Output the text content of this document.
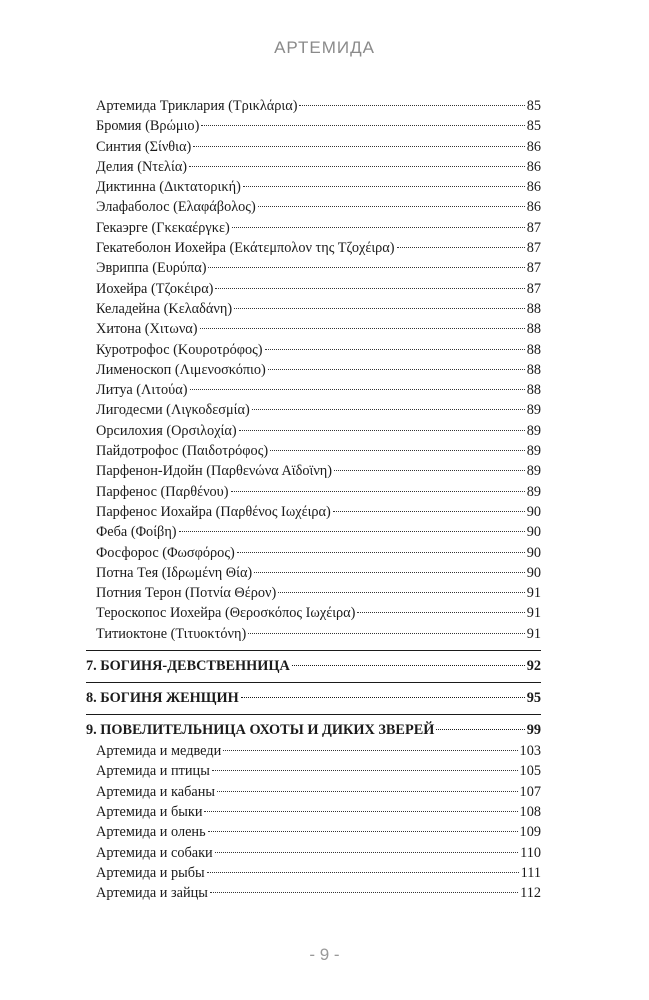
АРТЕМИДА
Артемида Триклария (Τρικλάρια)	85
Бромия (Βρώμιο)	85
Синтия (Σίνθια)	86
Делия (Ντελία)	86
Диктинна (Δικτατορική)	86
Элафаболос (Ελαφάβολος)	86
Гекаэрге (Γκεκαέργκε)	87
Гекатеболон Иохейра (Εκάτεμπολον της Τζοχέιρα)	87
Эвриппа (Ευρύπα)	87
Иохейра (Τζοκέιρα)	87
Келадейна (Κελαδάνη)	88
Хитона (Χιτωνα)	88
Куротрофос (Κουροτρόφος)	88
Лименоскоп (Λιμενοσκόπιο)	88
Литуа (Λιτούα)	88
Лигодесми (Λιγκοδεσμία)	89
Орсилохия (Ορσιλοχία)	89
Пайдотрофос (Παιδοτρόφος)	89
Парфенон-Идойн (Παρθενώνα Αϊδοϊνη)	89
Парфенос (Παρθένου)	89
Парфенос Иохайра (Παρθένος Ιωχέιρα)	90
Феба (Φοίβη)	90
Фосфорос (Φωσφόρος)	90
Потна Тея (Ιδρωμένη Θία)	90
Потния Терон (Ποτνία Θέρον)	91
Тероскопос Иохейра (Θεροσκόπος Ιωχέιρα)	91
Титиоктоне (Τιτυοκτόνη)	91
7. БОГИНЯ-ДЕВСТВЕННИЦА	92
8. БОГИНЯ ЖЕНЩИН	95
9. ПОВЕЛИТЕЛЬНИЦА ОХОТЫ И ДИКИХ ЗВЕРЕЙ	99
Артемида и медведи	103
Артемида и птицы	105
Артемида и кабаны	107
Артемида и быки	108
Артемида и олень	109
Артемида и собаки	110
Артемида и рыбы	111
Артемида и зайцы	112
- 9 -
